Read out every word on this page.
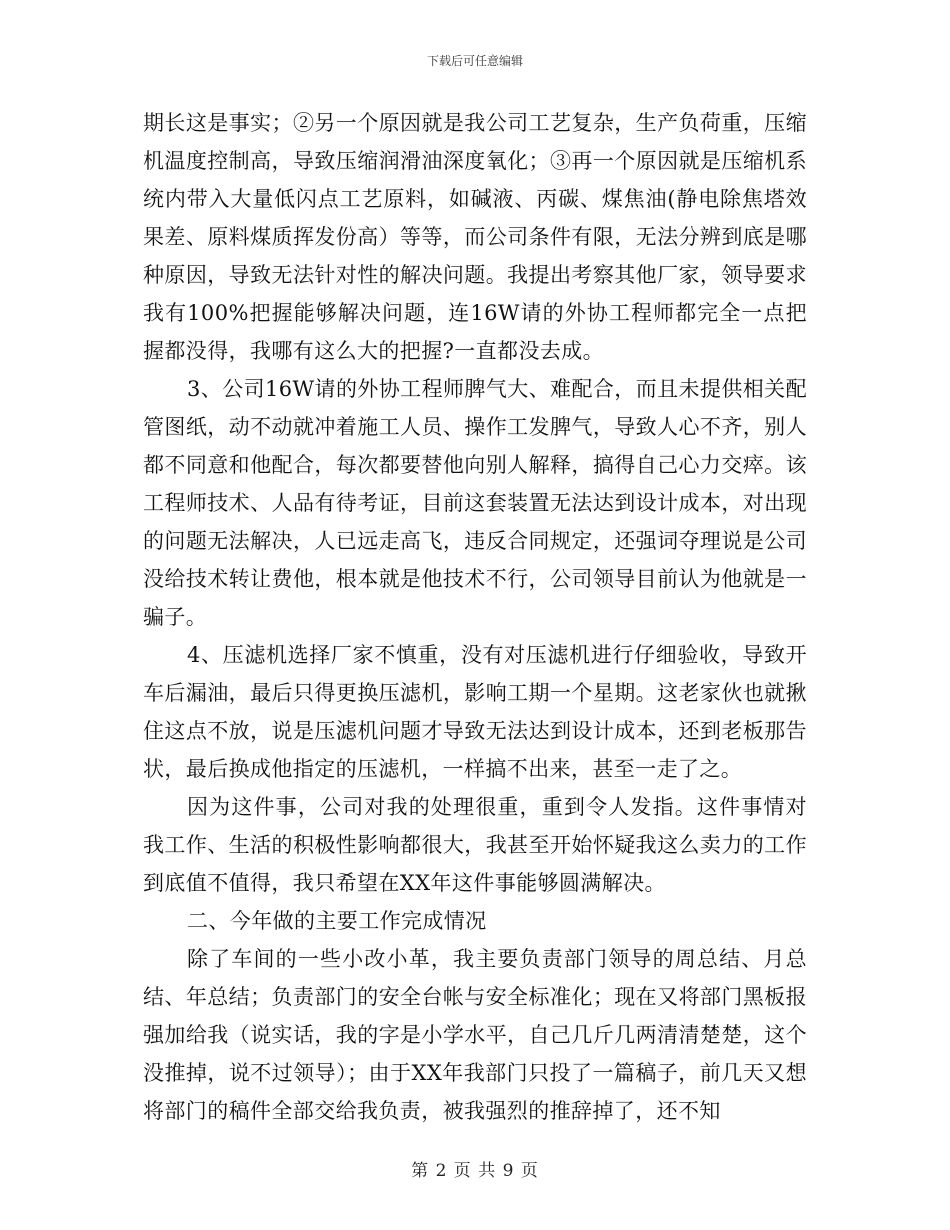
下载后可任意编辑

期长这是事实；②另一个原因就是我公司工艺复杂，生产负荷重，压缩机温度控制高，导致压缩润滑油深度氧化；③再一个原因就是压缩机系统内带入大量低闪点工艺原料，如碱液、丙碳、煤焦油(静电除焦塔效果差、原料煤质挥发份高）等等，而公司条件有限，无法分辨到底是哪种原因，导致无法针对性的解决问题。我提出考察其他厂家，领导要求我有100%把握能够解决问题，连16W请的外协工程师都完全一点把握都没得，我哪有这么大的把握?一直都没去成。

3、公司16W请的外协工程师脾气大、难配合，而且未提供相关配管图纸，动不动就冲着施工人员、操作工发脾气，导致人心不齐，别人都不同意和他配合，每次都要替他向别人解释，搞得自己心力交瘁。该工程师技术、人品有待考证，目前这套装置无法达到设计成本，对出现的问题无法解决，人已远走高飞，违反合同规定，还强词夺理说是公司没给技术转让费他，根本就是他技术不行，公司领导目前认为他就是一骗子。

4、压滤机选择厂家不慎重，没有对压滤机进行仔细验收，导致开车后漏油，最后只得更换压滤机，影响工期一个星期。这老家伙也就揪住这点不放，说是压滤机问题才导致无法达到设计成本，还到老板那告状，最后换成他指定的压滤机，一样搞不出来，甚至一走了之。

因为这件事，公司对我的处理很重，重到令人发指。这件事情对我工作、生活的积极性影响都很大，我甚至开始怀疑我这么卖力的工作到底值不值得，我只希望在XX年这件事能够圆满解决。

二、今年做的主要工作完成情况

除了车间的一些小改小革，我主要负责部门领导的周总结、月总结、年总结；负责部门的安全台帐与安全标准化；现在又将部门黑板报强加给我（说实话，我的字是小学水平，自己几斤几两清清楚楚，这个没推掉，说不过领导）；由于XX年我部门只投了一篇稿子，前几天又想将部门的稿件全部交给我负责，被我强烈的推辞掉了，还不知

第 2 页 共 9 页
